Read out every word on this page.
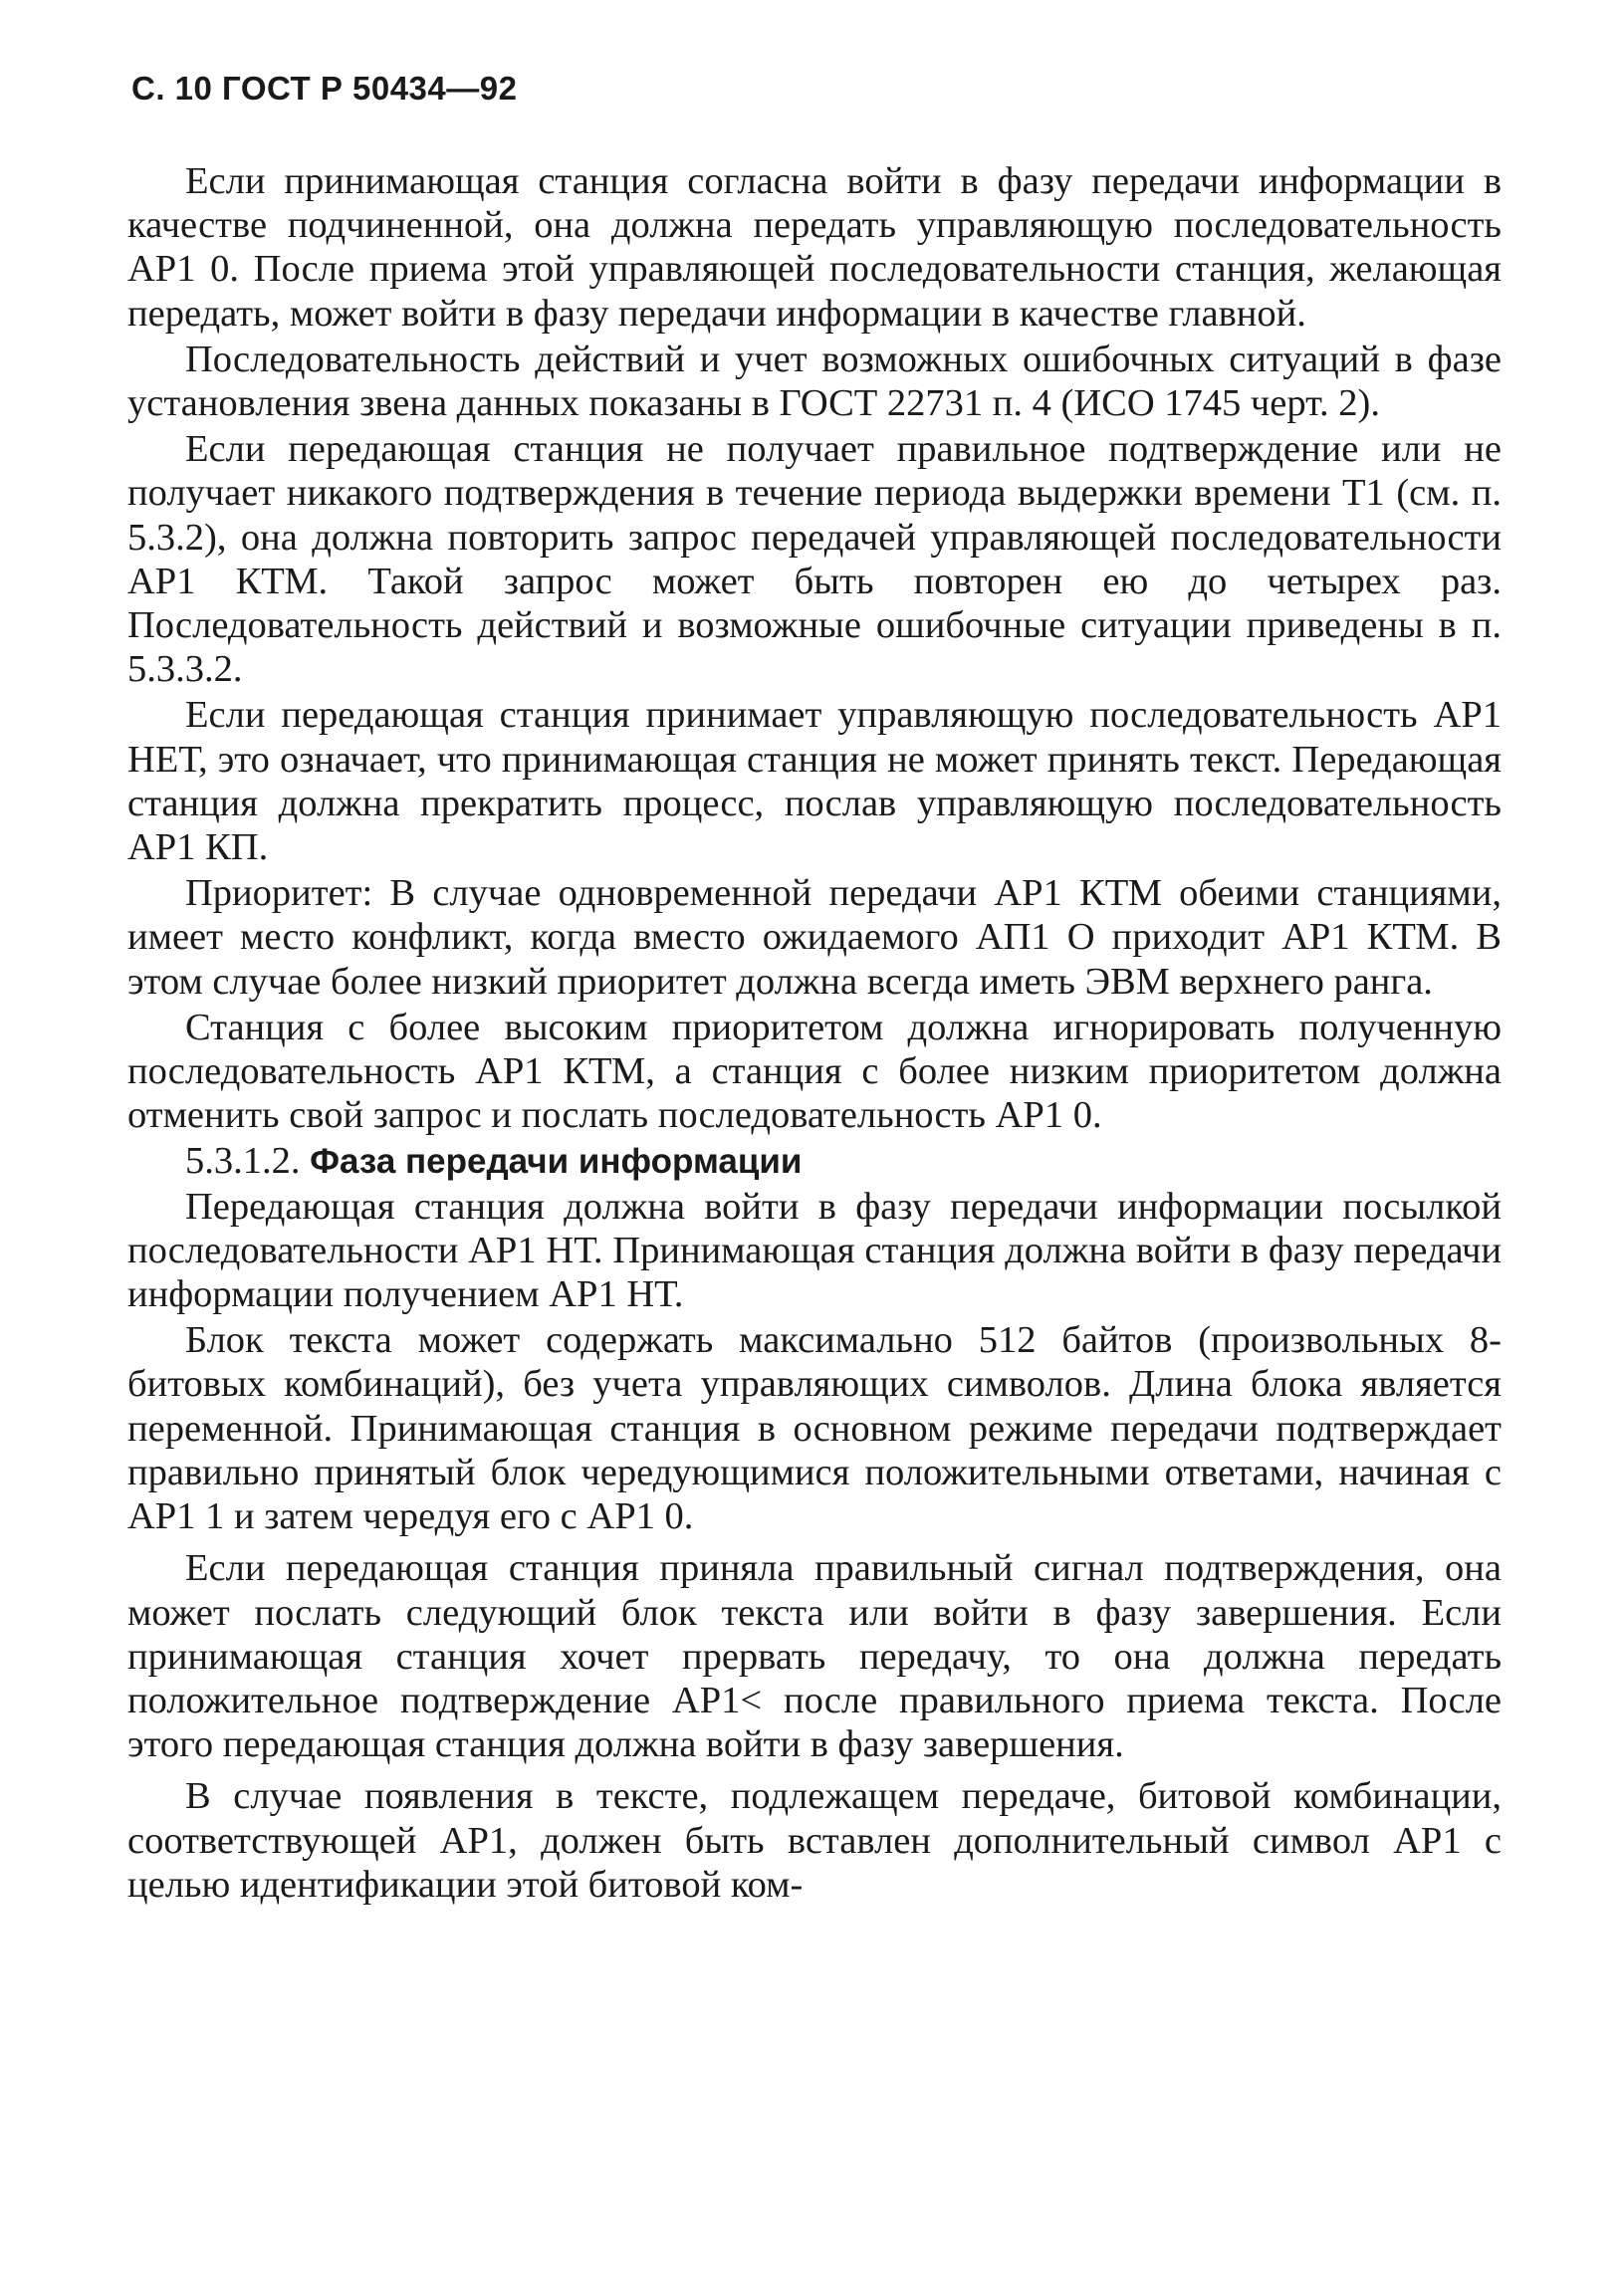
С. 10 ГОСТ Р 50434—92

Если принимающая станция согласна войти в фазу передачи информации в качестве подчиненной, она должна передать управляющую последовательность АР1 0. После приема этой управляющей последовательности станция, желающая передать, может войти в фазу передачи информации в качестве главной.

Последовательность действий и учет возможных ошибочных ситуаций в фазе установления звена данных показаны в ГОСТ 22731 п. 4 (ИСО 1745 черт. 2).

Если передающая станция не получает правильное подтверждение или не получает никакого подтверждения в течение периода выдержки времени Т1 (см. п. 5.3.2), она должна повторить запрос передачей управляющей последовательности АР1 КТМ. Такой запрос может быть повторен ею до четырех раз. Последовательность действий и возможные ошибочные ситуации приведены в п. 5.3.3.2.

Если передающая станция принимает управляющую последовательность АР1 НЕТ, это означает, что принимающая станция не может принять текст. Передающая станция должна прекратить процесс, послав управляющую последовательность АР1 КП.

Приоритет: В случае одновременной передачи АР1 КТМ обеими станциями, имеет место конфликт, когда вместо ожидаемого АП1 О приходит АР1 КТМ. В этом случае более низкий приоритет должна всегда иметь ЭВМ верхнего ранга.

Станция с более высоким приоритетом должна игнорировать полученную последовательность АР1 КТМ, а станция с более низким приоритетом должна отменить свой запрос и послать последовательность АР1 0.

5.3.1.2. Фаза передачи информации

Передающая станция должна войти в фазу передачи информации посылкой последовательности АР1 НТ. Принимающая станция должна войти в фазу передачи информации получением АР1 НТ.

Блок текста может содержать максимально 512 байтов (произвольных 8-битовых комбинаций), без учета управляющих символов. Длина блока является переменной. Принимающая станция в основном режиме передачи подтверждает правильно принятый блок чередующимися положительными ответами, начиная с АР1 1 и затем чередуя его с АР1 0.

Если передающая станция приняла правильный сигнал подтверждения, она может послать следующий блок текста или войти в фазу завершения. Если принимающая станция хочет прервать передачу, то она должна передать положительное подтверждение АР1< после правильного приема текста. После этого передающая станция должна войти в фазу завершения.

В случае появления в тексте, подлежащем передаче, битовой комбинации, соответствующей АР1, должен быть вставлен дополнительный символ АР1 с целью идентификации этой битовой ком-
